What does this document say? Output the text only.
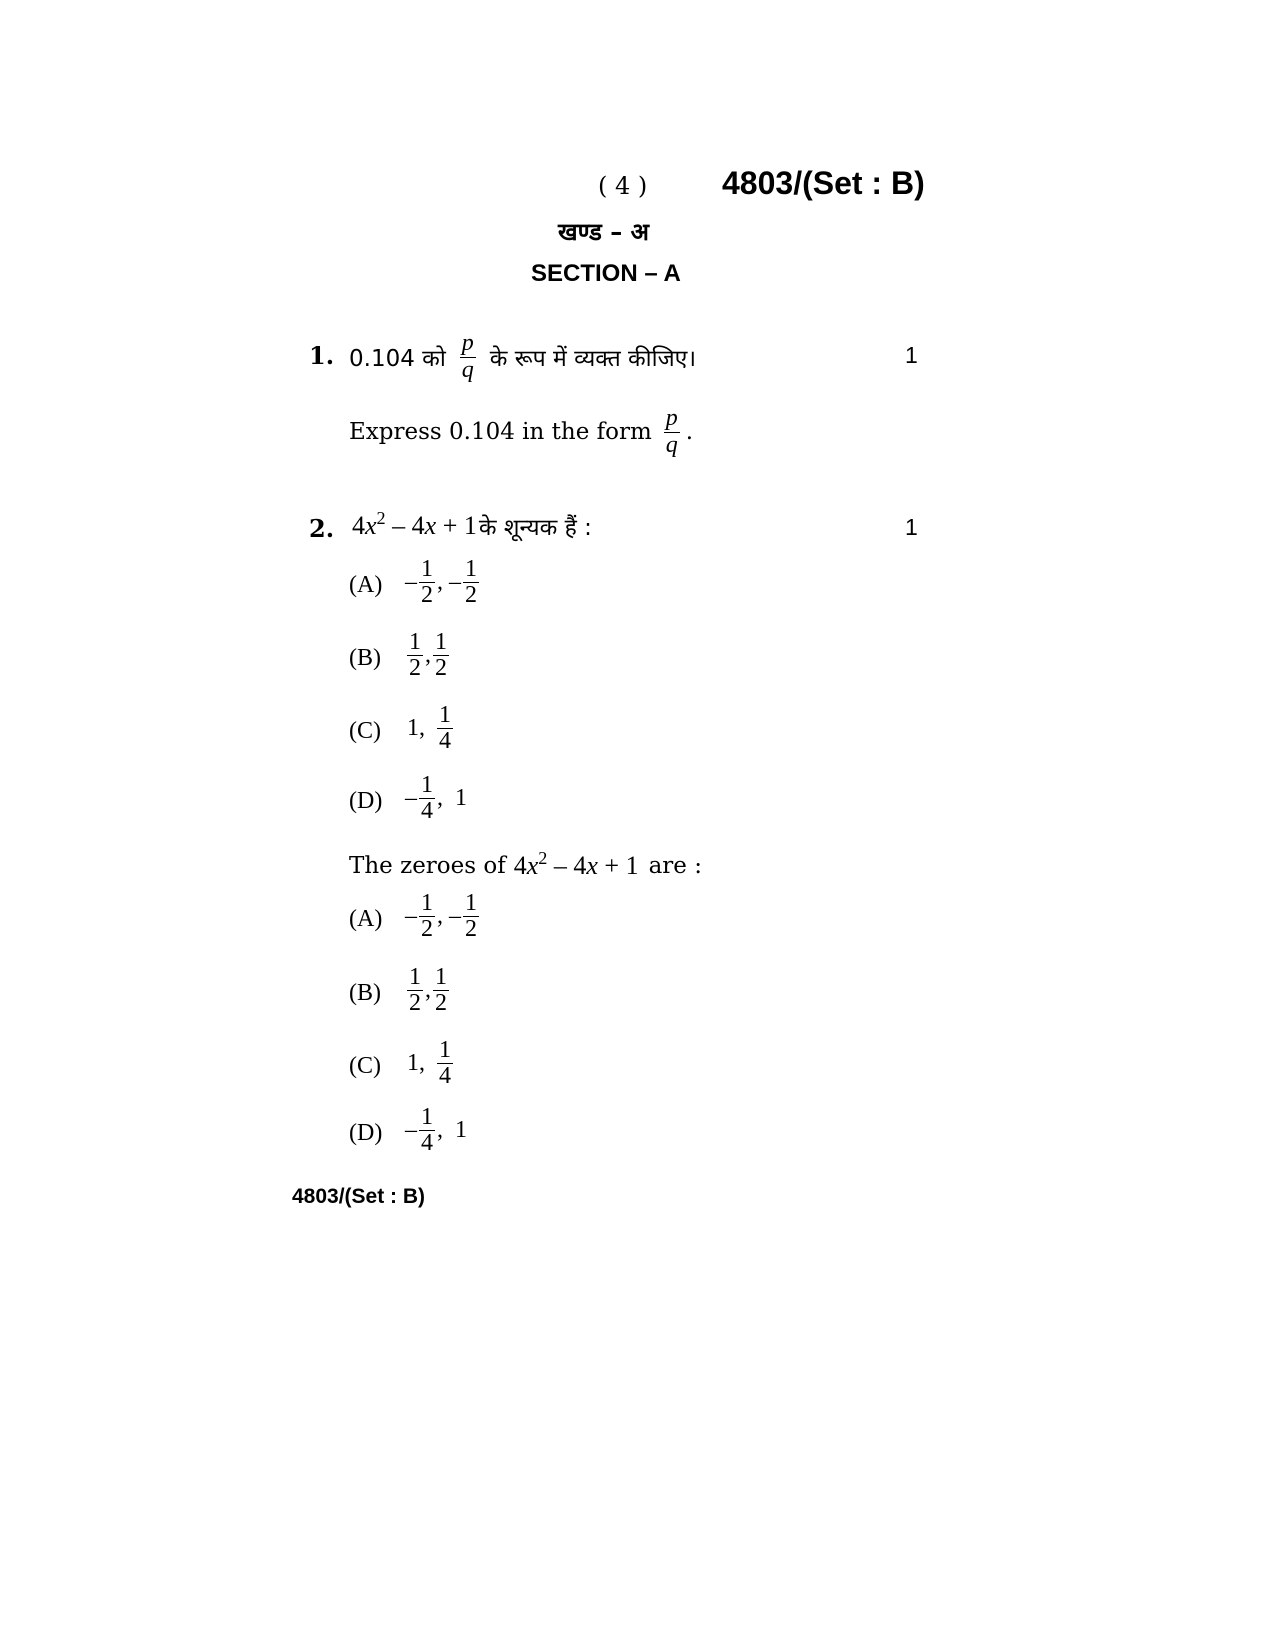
( 4 ) 4803/(Set : B)
खण्ड – अ
SECTION – A
1. 0.104 को $\frac{p}{q}$ के रूप में व्यक्त कीजिए।	1
Express 0.104 in the form $\frac{p}{q}$ .
2. $4x^2 - 4x + 1$ के शून्यक हैं :	1
$(A) - \frac{1}{2}$ , – $\frac{1}{2}$
$(B) \frac{1}{2}$ , $\frac{1}{2}$
(C) 1, $\frac{1}{4}$
$(D) - \frac{1}{4}$ ,  1
The zeroes of $4x^2 - 4x + 1$ are :
$(A) - \frac{1}{2}$ , – $\frac{1}{2}$
$(B) \frac{1}{2}$ , $\frac{1}{2}$
(C) 1, $\frac{1}{4}$
$(D) - \frac{1}{4}$ ,  1
4803/(Set : B)
